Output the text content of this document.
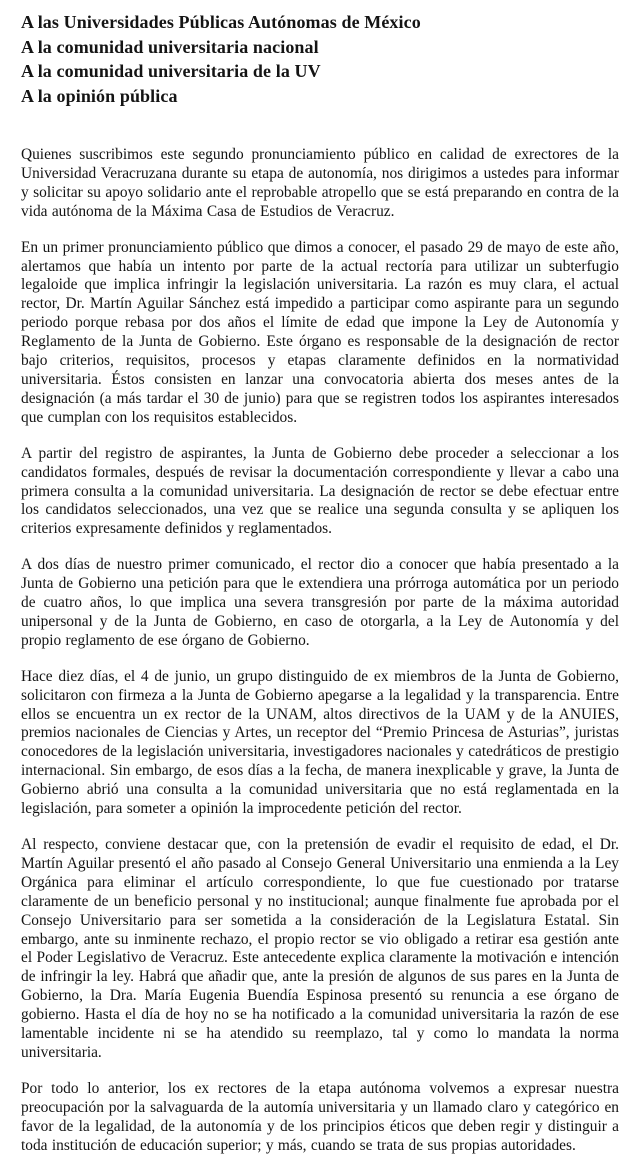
A las Universidades Públicas Autónomas de México
A la comunidad universitaria nacional
A la comunidad universitaria de la UV
A la opinión pública

Quienes suscribimos este segundo pronunciamiento público en calidad de exrectores de la Universidad Veracruzana durante su etapa de autonomía, nos dirigimos a ustedes para informar y solicitar su apoyo solidario ante el reprobable atropello que se está preparando en contra de la vida autónoma de la Máxima Casa de Estudios de Veracruz.

En un primer pronunciamiento público que dimos a conocer, el pasado 29 de mayo de este año, alertamos que había un intento por parte de la actual rectoría para utilizar un subterfugio legaloide que implica infringir la legislación universitaria. La razón es muy clara, el actual rector, Dr. Martín Aguilar Sánchez está impedido a participar como aspirante para un segundo periodo porque rebasa por dos años el límite de edad que impone la Ley de Autonomía y Reglamento de la Junta de Gobierno. Este órgano es responsable de la designación de rector bajo criterios, requisitos, procesos y etapas claramente definidos en la normatividad universitaria. Éstos consisten en lanzar una convocatoria abierta dos meses antes de la designación (a más tardar el 30 de junio) para que se registren todos los aspirantes interesados que cumplan con los requisitos establecidos.

A partir del registro de aspirantes, la Junta de Gobierno debe proceder a seleccionar a los candidatos formales, después de revisar la documentación correspondiente y llevar a cabo una primera consulta a la comunidad universitaria. La designación de rector se debe efectuar entre los candidatos seleccionados, una vez que se realice una segunda consulta y se apliquen los criterios expresamente definidos y reglamentados.

A dos días de nuestro primer comunicado, el rector dio a conocer que había presentado a la Junta de Gobierno una petición para que le extendiera una prórroga automática por un periodo de cuatro años, lo que implica una severa transgresión por parte de la máxima autoridad unipersonal y de la Junta de Gobierno, en caso de otorgarla, a la Ley de Autonomía y del propio reglamento de ese órgano de Gobierno.

Hace diez días, el 4 de junio, un grupo distinguido de ex miembros de la Junta de Gobierno, solicitaron con firmeza a la Junta de Gobierno apegarse a la legalidad y la transparencia. Entre ellos se encuentra un ex rector de la UNAM, altos directivos de la UAM y de la ANUIES, premios nacionales de Ciencias y Artes, un receptor del “Premio Princesa de Asturias”, juristas conocedores de la legislación universitaria, investigadores nacionales y catedráticos de prestigio internacional. Sin embargo, de esos días a la fecha, de manera inexplicable y grave, la Junta de Gobierno abrió una consulta a la comunidad universitaria que no está reglamentada en la legislación, para someter a opinión la improcedente petición del rector.

Al respecto, conviene destacar que, con la pretensión de evadir el requisito de edad, el Dr. Martín Aguilar presentó el año pasado al Consejo General Universitario una enmienda a la Ley Orgánica para eliminar el artículo correspondiente, lo que fue cuestionado por tratarse claramente de un beneficio personal y no institucional; aunque finalmente fue aprobada por el Consejo Universitario para ser sometida a la consideración de la Legislatura Estatal. Sin embargo, ante su inminente rechazo, el propio rector se vio obligado a retirar esa gestión ante el Poder Legislativo de Veracruz. Este antecedente explica claramente la motivación e intención de infringir la ley. Habrá que añadir que, ante la presión de algunos de sus pares en la Junta de Gobierno, la Dra. María Eugenia Buendía Espinosa presentó su renuncia a ese órgano de gobierno. Hasta el día de hoy no se ha notificado a la comunidad universitaria la razón de ese lamentable incidente ni se ha atendido su reemplazo, tal y como lo mandata la norma universitaria.

Por todo lo anterior, los ex rectores de la etapa autónoma volvemos a expresar nuestra preocupación por la salvaguarda de la automía universitaria y un llamado claro y categórico en favor de la legalidad, de la autonomía y de los principios éticos que deben regir y distinguir a toda institución de educación superior; y más, cuando se trata de sus propias autoridades.
